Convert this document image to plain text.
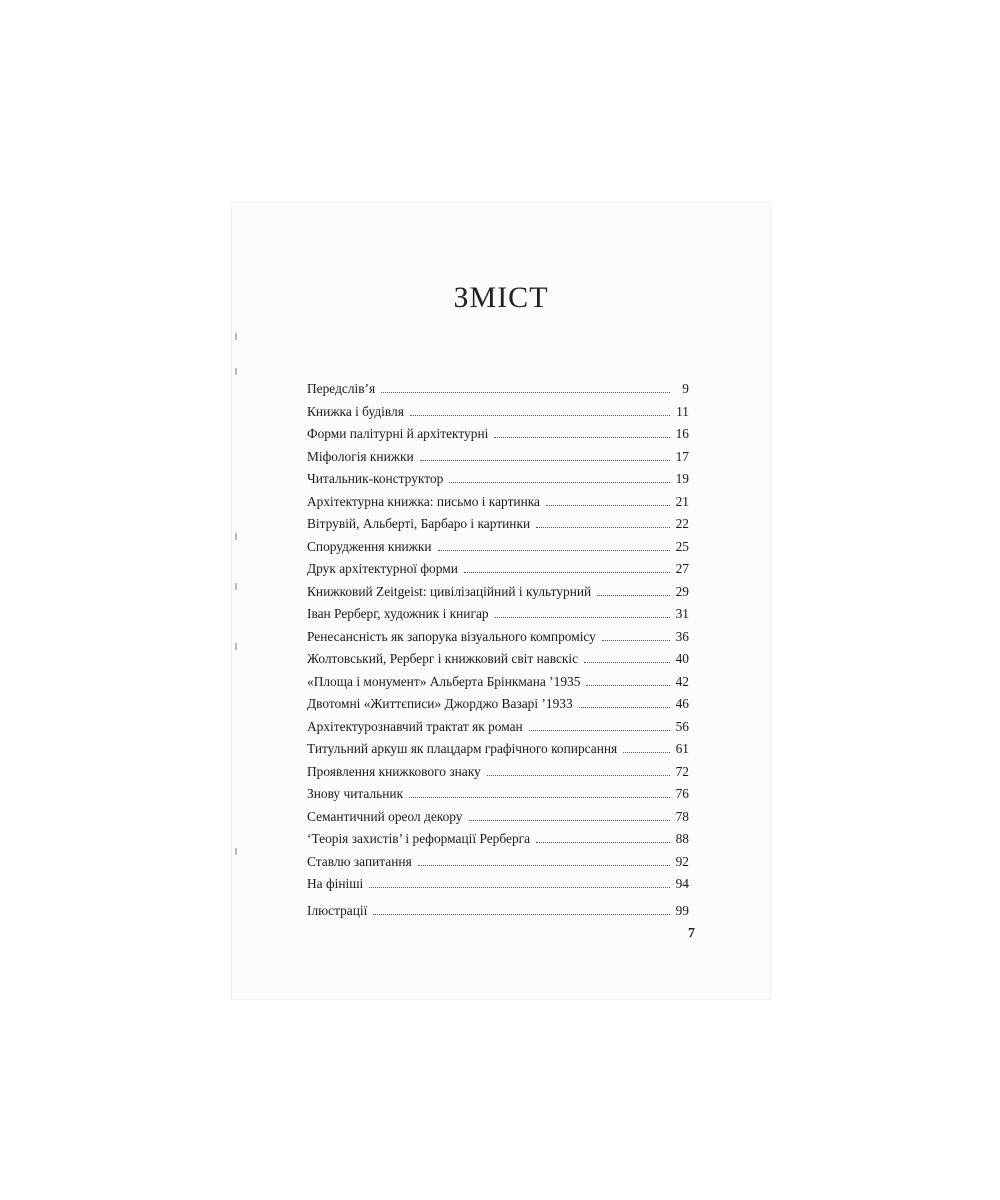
ЗМІСТ
Передслів’я	9
Книжка і будівля	11
Форми палітурні й архітектурні	16
Міфологія книжки	17
Читальник-конструктор	19
Архітектурна книжка: письмо і картинка	21
Вітрувій, Альберті, Барбаро і картинки	22
Спорудження книжки	25
Друк архітектурної форми	27
Книжковий Zeitgeist: цивілізаційний і культурний	29
Іван Рерберг, художник і книгар	31
Ренесансність як запорука візуального компромісу	36
Жолтовський, Рерберг і книжковий світ навскіс	40
«Площа і монумент» Альберта Брінкмана ’1935	42
Двотомні «Життєписи» Джорджо Вазарі ’1933	46
Архітектурознавчий трактат як роман	56
Титульний аркуш як плацдарм графічного копирсання	61
Проявлення книжкового знаку	72
Знову читальник	76
Семантичний ореол декору	78
‘Теорія захистів’ і реформації Рерберга	88
Ставлю запитання	92
На фініші	94
Ілюстрації	99
7
